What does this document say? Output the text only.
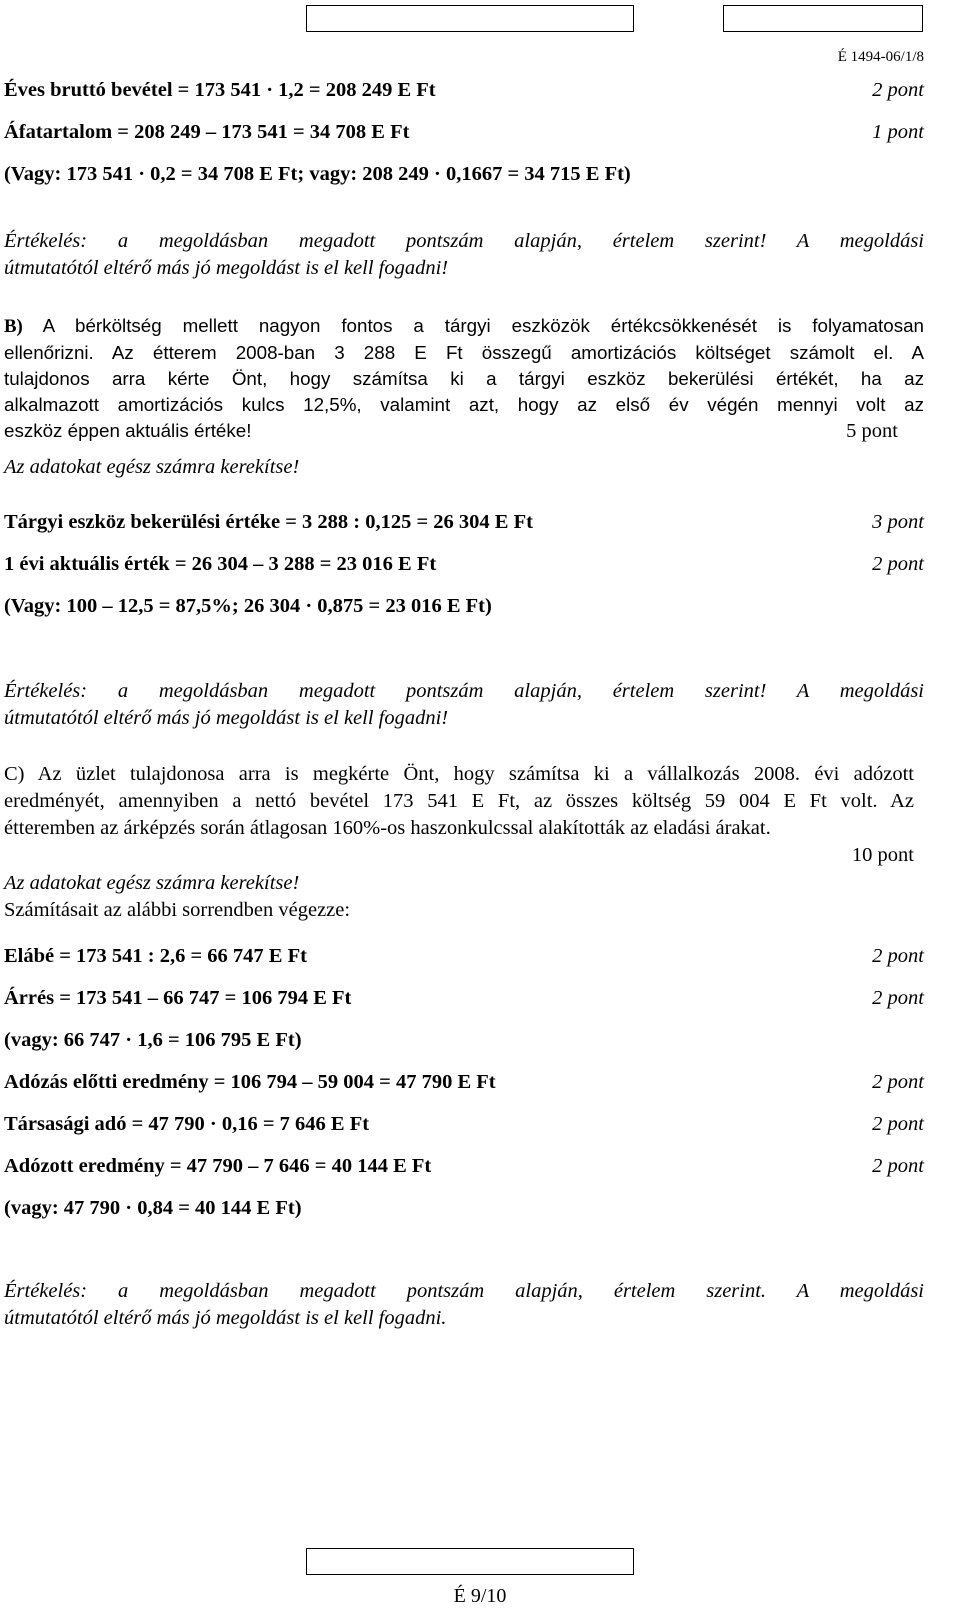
É 1494-06/1/8
Éves bruttó bevétel = 173 541 · 1,2 = 208 249 E Ft	2 pont
Áfatartalom = 208 249 – 173 541 = 34 708 E Ft	1 pont
(Vagy: 173 541 · 0,2 = 34 708 E Ft; vagy: 208 249 · 0,1667 = 34 715 E Ft)
Értékelés: a megoldásban megadott pontszám alapján, értelem szerint! A megoldási
útmutatótól eltérő más jó megoldást is el kell fogadni!
B) A bérköltség mellett nagyon fontos a tárgyi eszközök értékcsökkenését is folyamatosan
ellenőrizni. Az étterem 2008-ban 3 288 E Ft összegű amortizációs költséget számolt el. A
tulajdonos arra kérte Önt, hogy számítsa ki a tárgyi eszköz bekerülési értékét, ha az
alkalmazott amortizációs kulcs 12,5%, valamint azt, hogy az első év végén mennyi volt az
eszköz éppen aktuális értéke!	5 pont
Az adatokat egész számra kerekítse!
Tárgyi eszköz bekerülési értéke = 3 288 : 0,125 = 26 304 E Ft	3 pont
1 évi aktuális érték = 26 304 – 3 288 = 23 016 E Ft	2 pont
(Vagy: 100 – 12,5 = 87,5%; 26 304 · 0,875 = 23 016 E Ft)
Értékelés: a megoldásban megadott pontszám alapján, értelem szerint! A megoldási
útmutatótól eltérő más jó megoldást is el kell fogadni!
C) Az üzlet tulajdonosa arra is megkérte Önt, hogy számítsa ki a vállalkozás 2008. évi adózott
eredményét, amennyiben a nettó bevétel 173 541 E Ft, az összes költség 59 004 E Ft volt. Az
étteremben az árképzés során átlagosan 160%-os haszonkulcssal alakították az eladási árakat.
10 pont
Az adatokat egész számra kerekítse!
Számításait az alábbi sorrendben végezze:
Elábé = 173 541 : 2,6 = 66 747 E Ft	2 pont
Árrés = 173 541 – 66 747 = 106 794 E Ft	2 pont
(vagy: 66 747 · 1,6 = 106 795 E Ft)
Adózás előtti eredmény = 106 794 – 59 004 = 47 790 E Ft	2 pont
Társasági adó = 47 790 · 0,16 = 7 646 E Ft	2 pont
Adózott eredmény = 47 790 – 7 646 = 40 144 E Ft	2 pont
(vagy: 47 790 · 0,84 = 40 144 E Ft)
Értékelés: a megoldásban megadott pontszám alapján, értelem szerint. A megoldási
útmutatótól eltérő más jó megoldást is el kell fogadni.
É 9/10
